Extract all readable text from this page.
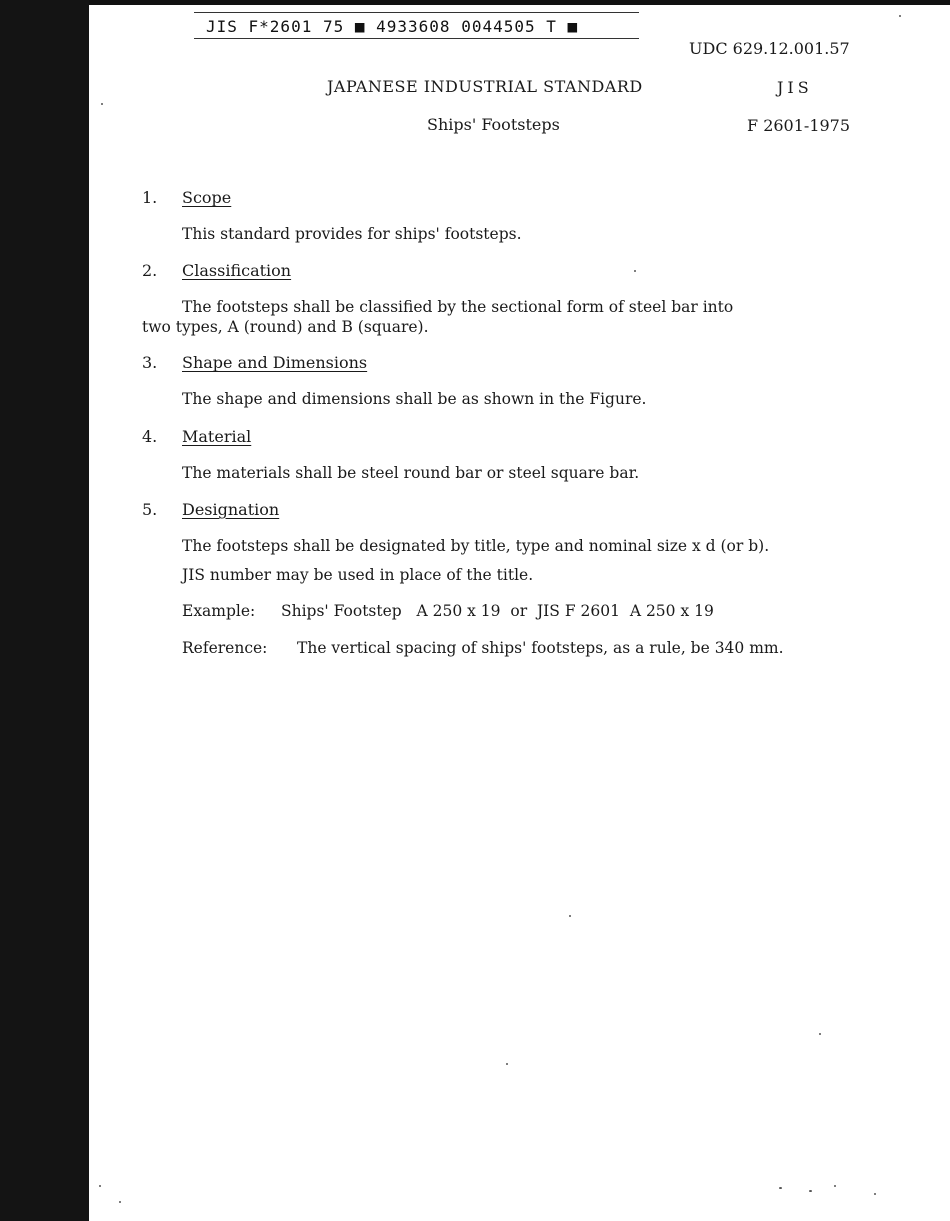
JIS F*2601 75 ■ 4933608 0044505 T ■
UDC 629.12.001.57
JAPANESE INDUSTRIAL STANDARD	JIS
Ships' Footsteps	F 2601-1975
1. Scope
This standard provides for ships' footsteps.
2. Classification
The footsteps shall be classified by the sectional form of steel bar into
two types, A (round) and B (square).
3. Shape and Dimensions
The shape and dimensions shall be as shown in the Figure.
4. Material
The materials shall be steel round bar or steel square bar.
5. Designation
The footsteps shall be designated by title, type and nominal size x d (or b).
JIS number may be used in place of the title.
Example: Ships' Footstep   A 250 x 19  or  JIS F 2601  A 250 x 19
Reference: The vertical spacing of ships' footsteps, as a rule, be 340 mm.
